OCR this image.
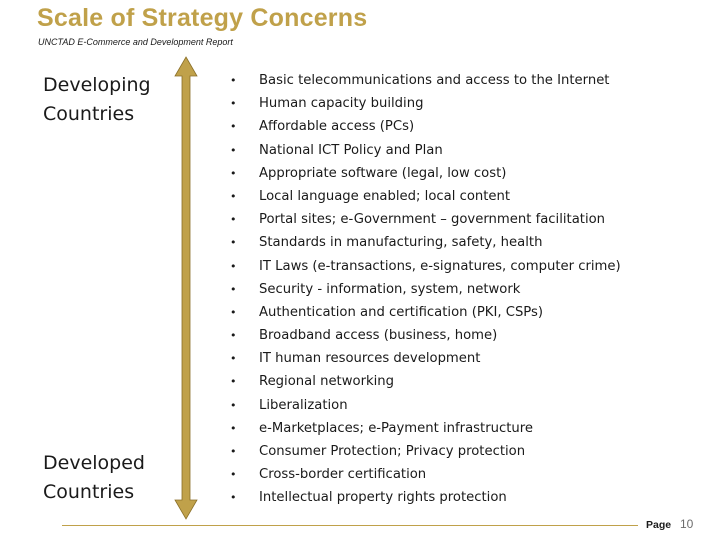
Scale of Strategy Concerns
UNCTAD E-Commerce and Development Report
Developing
Countries
Developed
Countries
• Basic telecommunications and access to the Internet
• Human capacity building
• Affordable access (PCs)
• National ICT Policy and Plan
• Appropriate software (legal, low cost)
• Local language enabled; local content
• Portal sites; e-Government – government facilitation
• Standards in manufacturing, safety, health
• IT Laws (e-transactions, e-signatures, computer crime)
• Security - information, system, network
• Authentication and certification (PKI, CSPs)
• Broadband access (business, home)
• IT human resources development
• Regional networking
• Liberalization
• e-Marketplaces; e-Payment infrastructure
• Consumer Protection; Privacy protection
• Cross-border certification
• Intellectual property rights protection
Page 10
